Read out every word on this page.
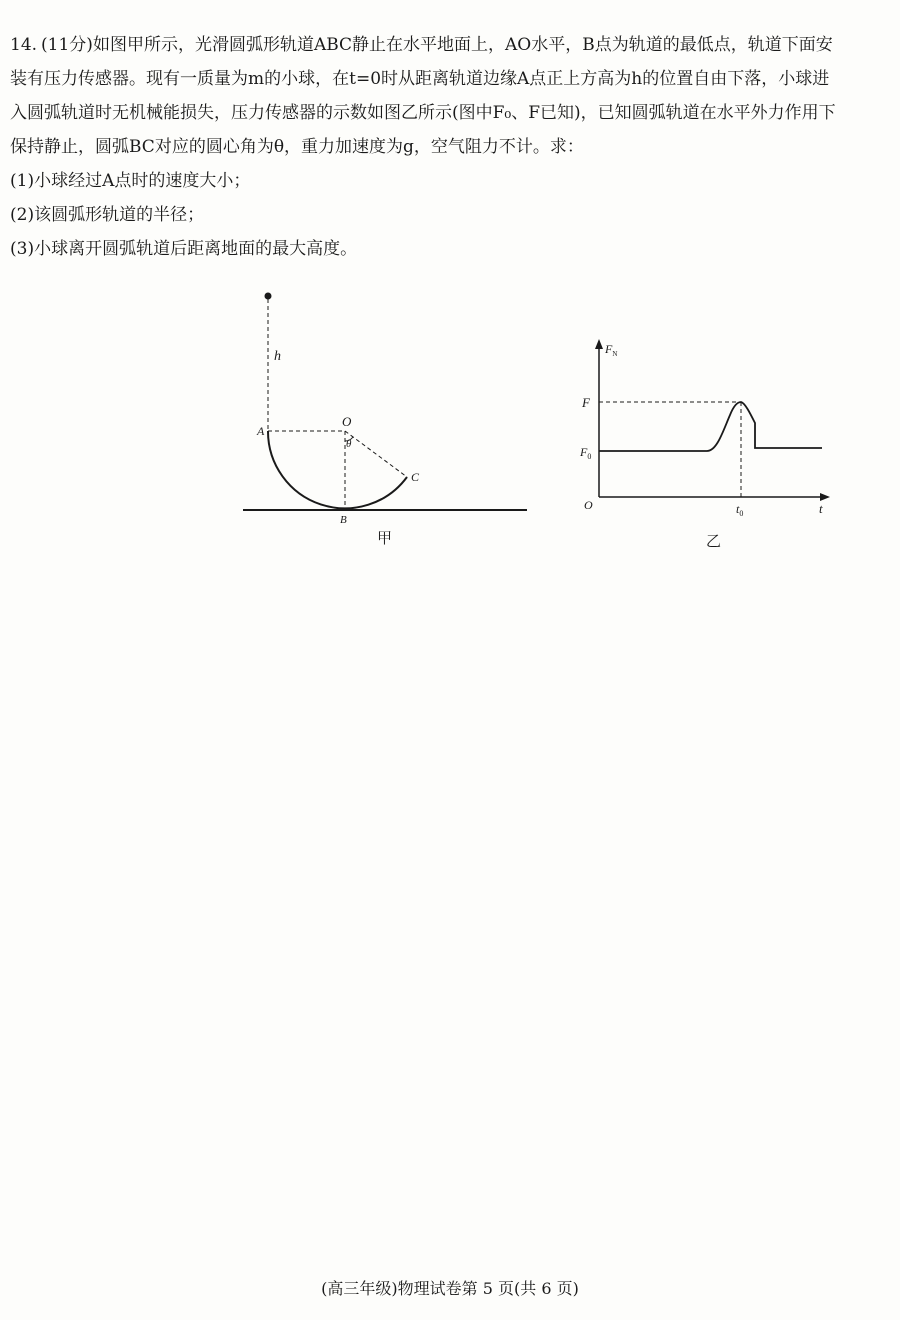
14. (11分)如图甲所示，光滑圆弧形轨道ABC静止在水平地面上，AO水平，B点为轨道的最低点，轨道下面安装有压力传感器。现有一质量为m的小球，在t=0时从距离轨道边缘A点正上方高为h的位置自由下落，小球进入圆弧轨道时无机械能损失，压力传感器的示数如图乙所示(图中F₀、F已知)，已知圆弧轨道在水平外力作用下保持静止，圆弧BC对应的圆心角为θ，重力加速度为g，空气阻力不计。求：

(1)小球经过A点时的速度大小；

(2)该圆弧形轨道的半径；

(3)小球离开圆弧轨道后距离地面的最大高度。

h
A
O
θ
B
C
甲
$F_N$
F
$F_0$
O	$t_0$	t
乙
(高三年级)物理试卷第 5 页(共 6 页)
